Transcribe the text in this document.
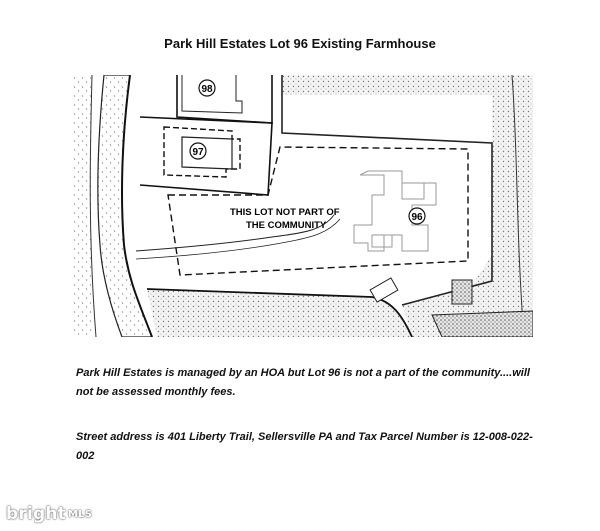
Park Hill Estates Lot 96 Existing Farmhouse
98
97
96
THIS LOT NOT PART OF
THE COMMUNITY
Park Hill Estates is managed by an HOA but Lot 96 is not a part of the community....will not be assessed monthly fees.
Street address is 401 Liberty Trail, Sellersville PA and Tax Parcel Number is 12-008-022-002
bright MLS
